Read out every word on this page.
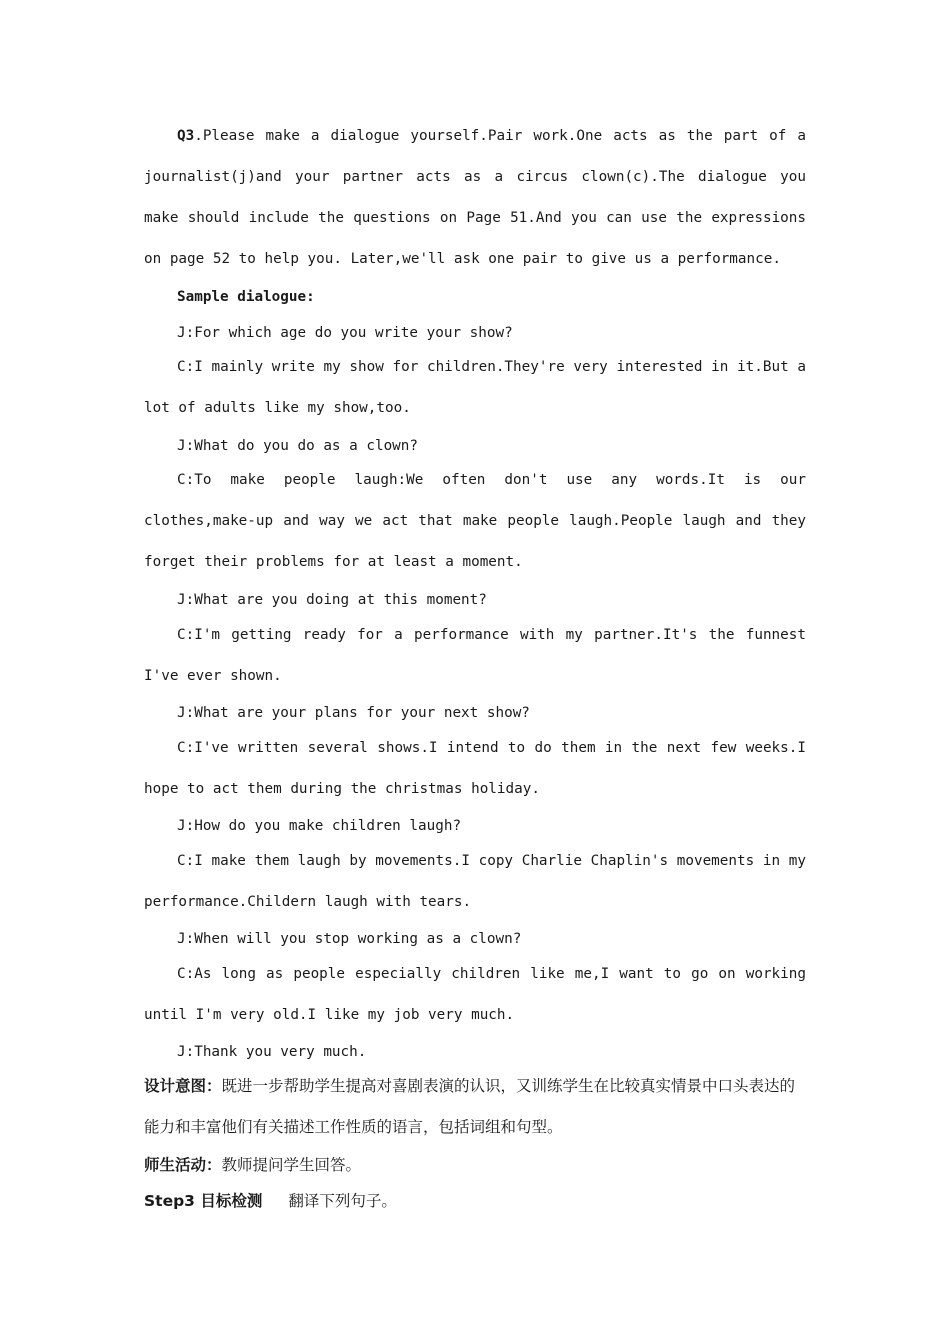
Q3.Please make a dialogue yourself.Pair work.One acts as the part of a journalist(j)and your partner acts as a circus clown(c).The dialogue you make should include the questions on Page 51.And you can use the expressions on page 52 to help you. Later,we'll ask one pair to give us a performance.

Sample dialogue:

J:For which age do you write your show?

C:I mainly write my show for children.They're very interested in it.But a lot of adults like my show,too.

J:What do you do as a clown?

C:To make people laugh:We often don't use any words.It is our clothes,make-up and way we act that make people laugh.People laugh and they forget their problems for at least a moment.

J:What are you doing at this moment?

C:I'm getting ready for a performance with my partner.It's the funnest I've ever shown.

J:What are your plans for your next show?

C:I've written several shows.I intend to do them in the next few weeks.I hope to act them during the christmas holiday.

J:How do you make children laugh?

C:I make them laugh by movements.I copy Charlie Chaplin's movements in my performance.Childern laugh with tears.

J:When will you stop working as a clown?

C:As long as people especially children like me,I want to go on working until I'm very old.I like my job very much.

J:Thank you very much.

设计意图：既进一步帮助学生提高对喜剧表演的认识，又训练学生在比较真实情景中口头表达的能力和丰富他们有关描述工作性质的语言，包括词组和句型。

师生活动：教师提问学生回答。

Step3 目标检测 翻译下列句子。
